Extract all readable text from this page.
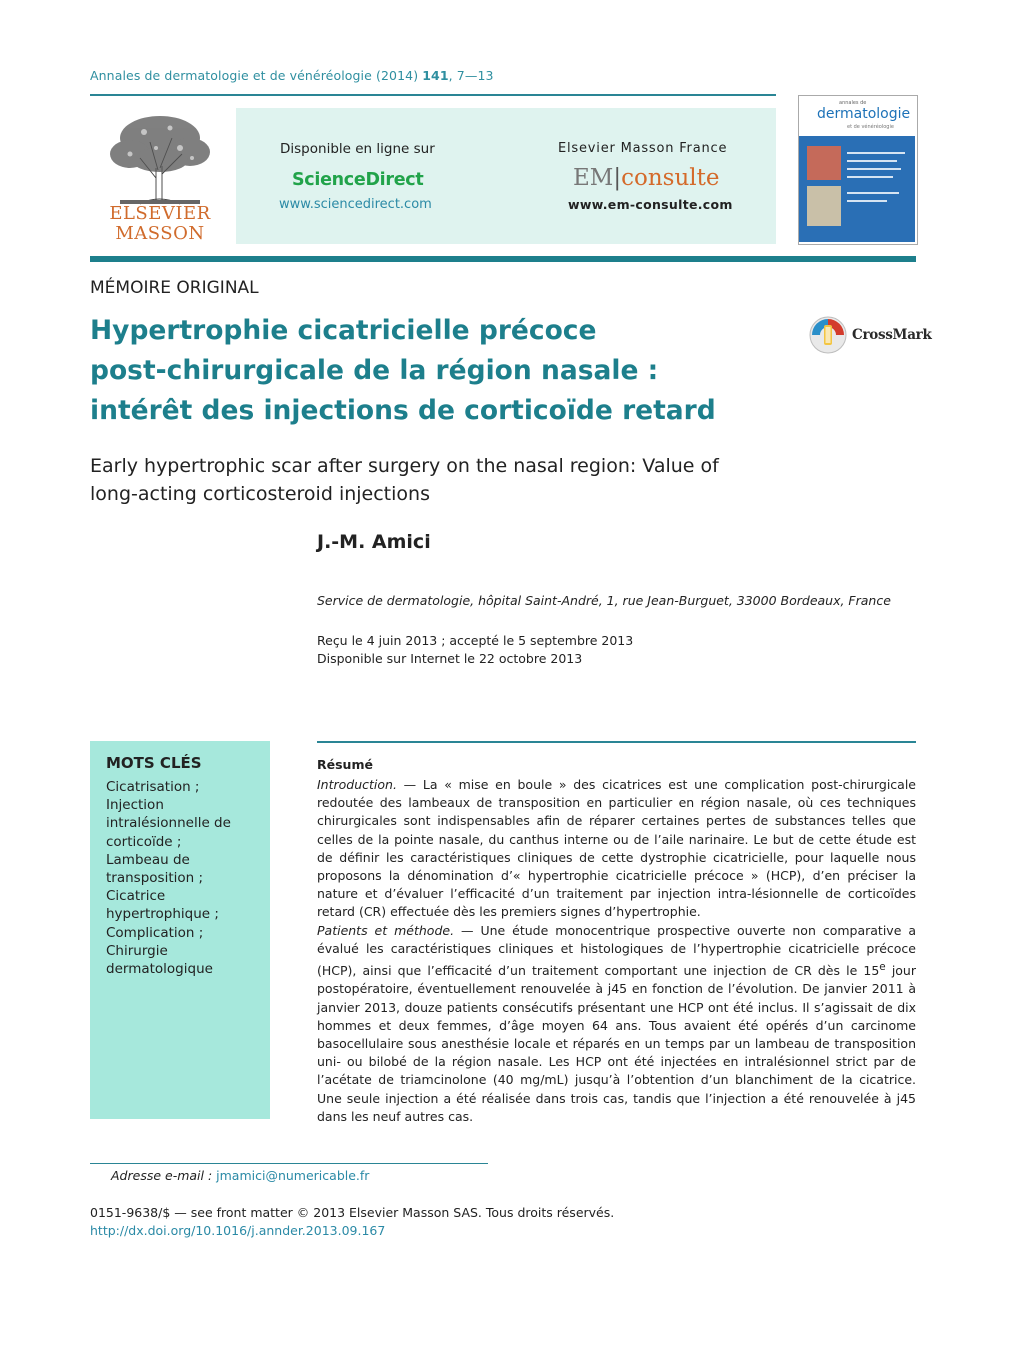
Annales de dermatologie et de vénéréologie (2014) 141, 7—13
ELSEVIER
MASSON
Disponible en ligne sur
ScienceDirect
www.sciencedirect.com
Elsevier Masson France
EM|consulte
www.em-consulte.com
annales de
dermatologie
et de vénéréologie
MÉMOIRE ORIGINAL
Hypertrophie cicatricielle précoce
post-chirurgicale de la région nasale :
intérêt des injections de corticoïde retard
CrossMark
Early hypertrophic scar after surgery on the nasal region: Value of
long-acting corticosteroid injections
J.-M. Amici
Service de dermatologie, hôpital Saint-André, 1, rue Jean-Burguet, 33000 Bordeaux, France
Reçu le 4 juin 2013 ; accepté le 5 septembre 2013
Disponible sur Internet le 22 octobre 2013
MOTS CLÉS
Cicatrisation ;
Injection
intralésionnelle de
corticoïde ;
Lambeau de
transposition ;
Cicatrice
hypertrophique ;
Complication ;
Chirurgie
dermatologique
Résumé

Introduction. — La « mise en boule » des cicatrices est une complication post-chirurgicale redoutée des lambeaux de transposition en particulier en région nasale, où ces techniques chirurgicales sont indispensables afin de réparer certaines pertes de substances telles que celles de la pointe nasale, du canthus interne ou de l’aile narinaire. Le but de cette étude est de définir les caractéristiques cliniques de cette dystrophie cicatricielle, pour laquelle nous proposons la dénomination d’« hypertrophie cicatricielle précoce » (HCP), d’en préciser la nature et d’évaluer l’efficacité d’un traitement par injection intra-lésionnelle de corticoïdes retard (CR) effectuée dès les premiers signes d’hypertrophie.

Patients et méthode. — Une étude monocentrique prospective ouverte non comparative a évalué les caractéristiques cliniques et histologiques de l’hypertrophie cicatricielle précoce (HCP), ainsi que l’efficacité d’un traitement comportant une injection de CR dès le 15e jour postopératoire, éventuellement renouvelée à j45 en fonction de l’évolution. De janvier 2011 à janvier 2013, douze patients consécutifs présentant une HCP ont été inclus. Il s’agissait de dix hommes et deux femmes, d’âge moyen 64 ans. Tous avaient été opérés d’un carcinome basocellulaire sous anesthésie locale et réparés en un temps par un lambeau de transposition uni- ou bilobé de la région nasale. Les HCP ont été injectées en intralésionnel strict par de l’acétate de triamcinolone (40 mg/mL) jusqu’à l’obtention d’un blanchiment de la cicatrice. Une seule injection a été réalisée dans trois cas, tandis que l’injection a été renouvelée à j45 dans les neuf autres cas.

Adresse e-mail : jmamici@numericable.fr
0151-9638/$ — see front matter © 2013 Elsevier Masson SAS. Tous droits réservés.
http://dx.doi.org/10.1016/j.annder.2013.09.167
